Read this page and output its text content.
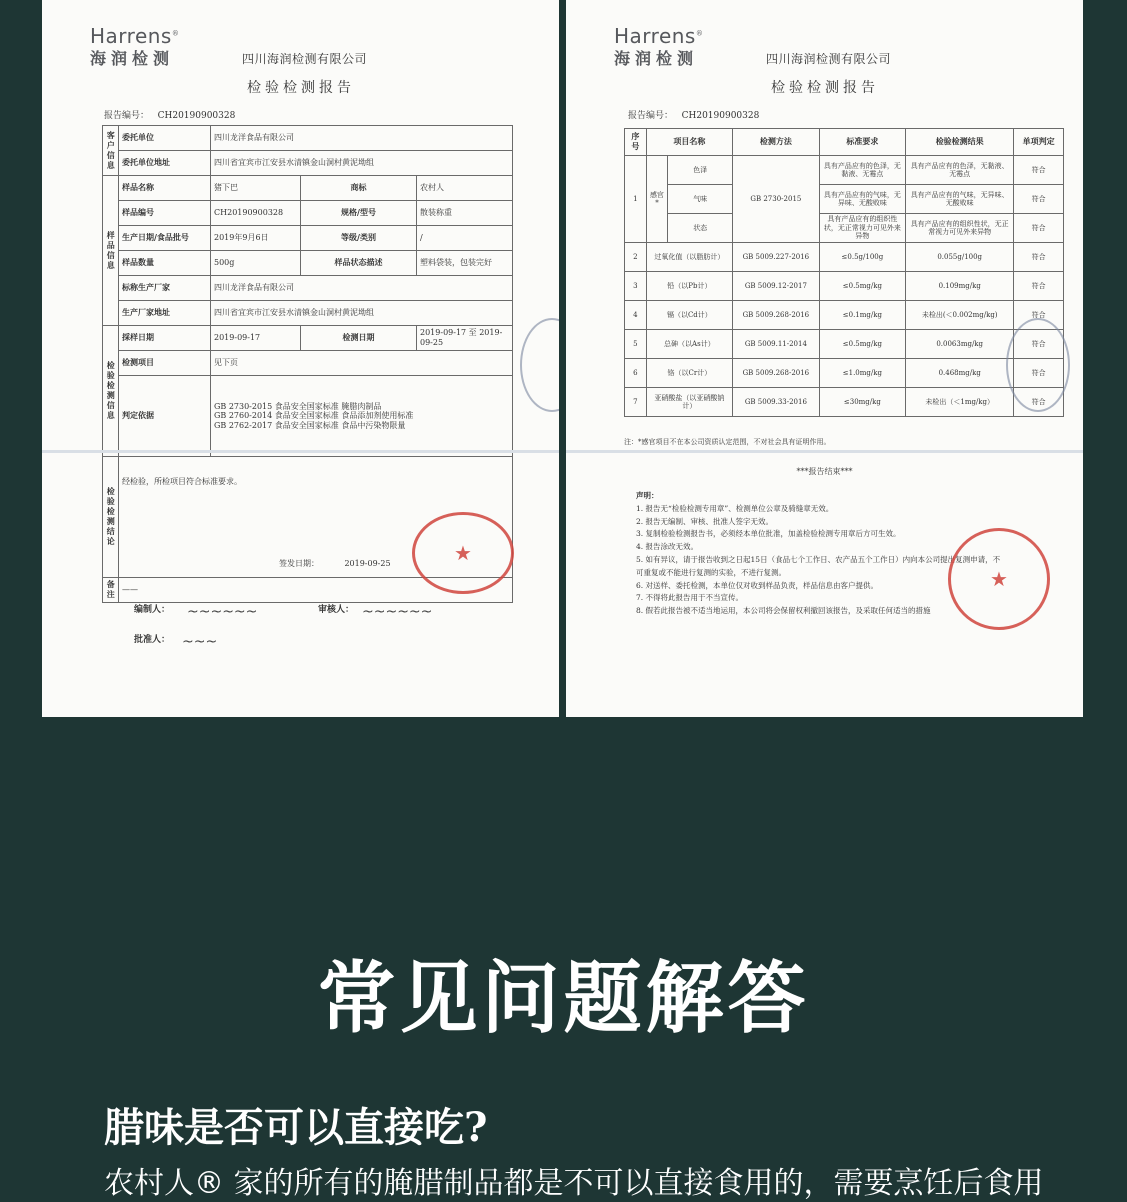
Harrens®
海润检测	四川海润检测有限公司
检验检测报告
报告编号： CH20190900328
客户信息	委托单位	四川龙洋食品有限公司		
	委托单位地址	四川省宜宾市江安县水清镇金山洞村黄泥坳组		
样品信息	样品名称	猪下巴	商标	农村人
	样品编号	CH20190900328	规格/型号	散装称重
	生产日期/食品批号	2019年9月6日	等级/类别	/
	样品数量	500g	样品状态描述	塑料袋装，包装完好
	标称生产厂家	四川龙洋食品有限公司		
	生产厂家地址	四川省宜宾市江安县水清镇金山洞村黄泥坳组		
检验检测信息	採样日期	2019-09-17	检测日期	2019-09-17 至 2019-09-25
	检测项目	见下页		
	判定依据	GB 2730-2015 食品安全国家标准 腌腊肉制品
GB 2760-2014 食品安全国家标准 食品添加剂使用标准
GB 2762-2017 食品安全国家标准 食品中污染物限量		

检验检测结论	经检验，所检项目符合标准要求。
签发日期： 2019-09-25			

备注	——			
编制人： ~~~~~~	审核人： ~~~~~~
批准人： ~~~
★
Harrens®
海润检测	四川海润检测有限公司
检验检测报告
报告编号： CH20190900328
序号	项目名称		检测方法	标准要求	检验检测结果	单项判定
1	感官*	色泽	GB 2730-2015	具有产品应有的色泽，无黏液、无霉点	具有产品应有的色泽，无黏液、无霉点	符合
		气味		具有产品应有的气味，无异味、无酸败味	具有产品应有的气味，无异味、无酸败味	符合
		状态		具有产品应有的组织性状，无正常视力可见外来异物	具有产品应有的组织性状，无正常视力可见外来异物	符合
2	过氧化值（以脂肪计）		GB 5009.227-2016	≤0.5g/100g	0.055g/100g	符合
3	铅（以Pb计）		GB 5009.12-2017	≤0.5mg/kg	0.109mg/kg	符合
4	镉（以Cd计）		GB 5009.268-2016	≤0.1mg/kg	未检出(＜0.002mg/kg)	符合
5	总砷（以As计）		GB 5009.11-2014	≤0.5mg/kg	0.0063mg/kg	符合
6	铬（以Cr计）		GB 5009.268-2016	≤1.0mg/kg	0.468mg/kg	符合
7	亚硝酸盐（以亚硝酸钠计）		GB 5009.33-2016	≤30mg/kg	未检出（＜1mg/kg）	符合
注：*感官项目不在本公司资质认定范围，不对社会具有证明作用。
***报告结束***
声明：
1. 报告无“检验检测专用章”、检测单位公章及骑缝章无效。
2. 报告无编制、审核、批准人签字无效。
3. 复制检验检测报告书，必须经本单位批准，加盖检验检测专用章后方可生效。
4. 报告涂改无效。
5. 如有异议，请于报告收到之日起15日（食品七个工作日、农产品五个工作日）内向本公司提出复测申请，不可重复或不能进行复测的实验，不进行复测。
6. 对送样、委托检测，本单位仅对收到样品负责，样品信息由客户提供。
7. 不得将此报告用于不当宣传。
8. 假若此报告被不适当地运用，本公司将会保留权利撤回该报告，及采取任何适当的措施
★
常见问题解答
腊味是否可以直接吃?
农村人® 家的所有的腌腊制品都是不可以直接食用的，需要烹饪后食用
